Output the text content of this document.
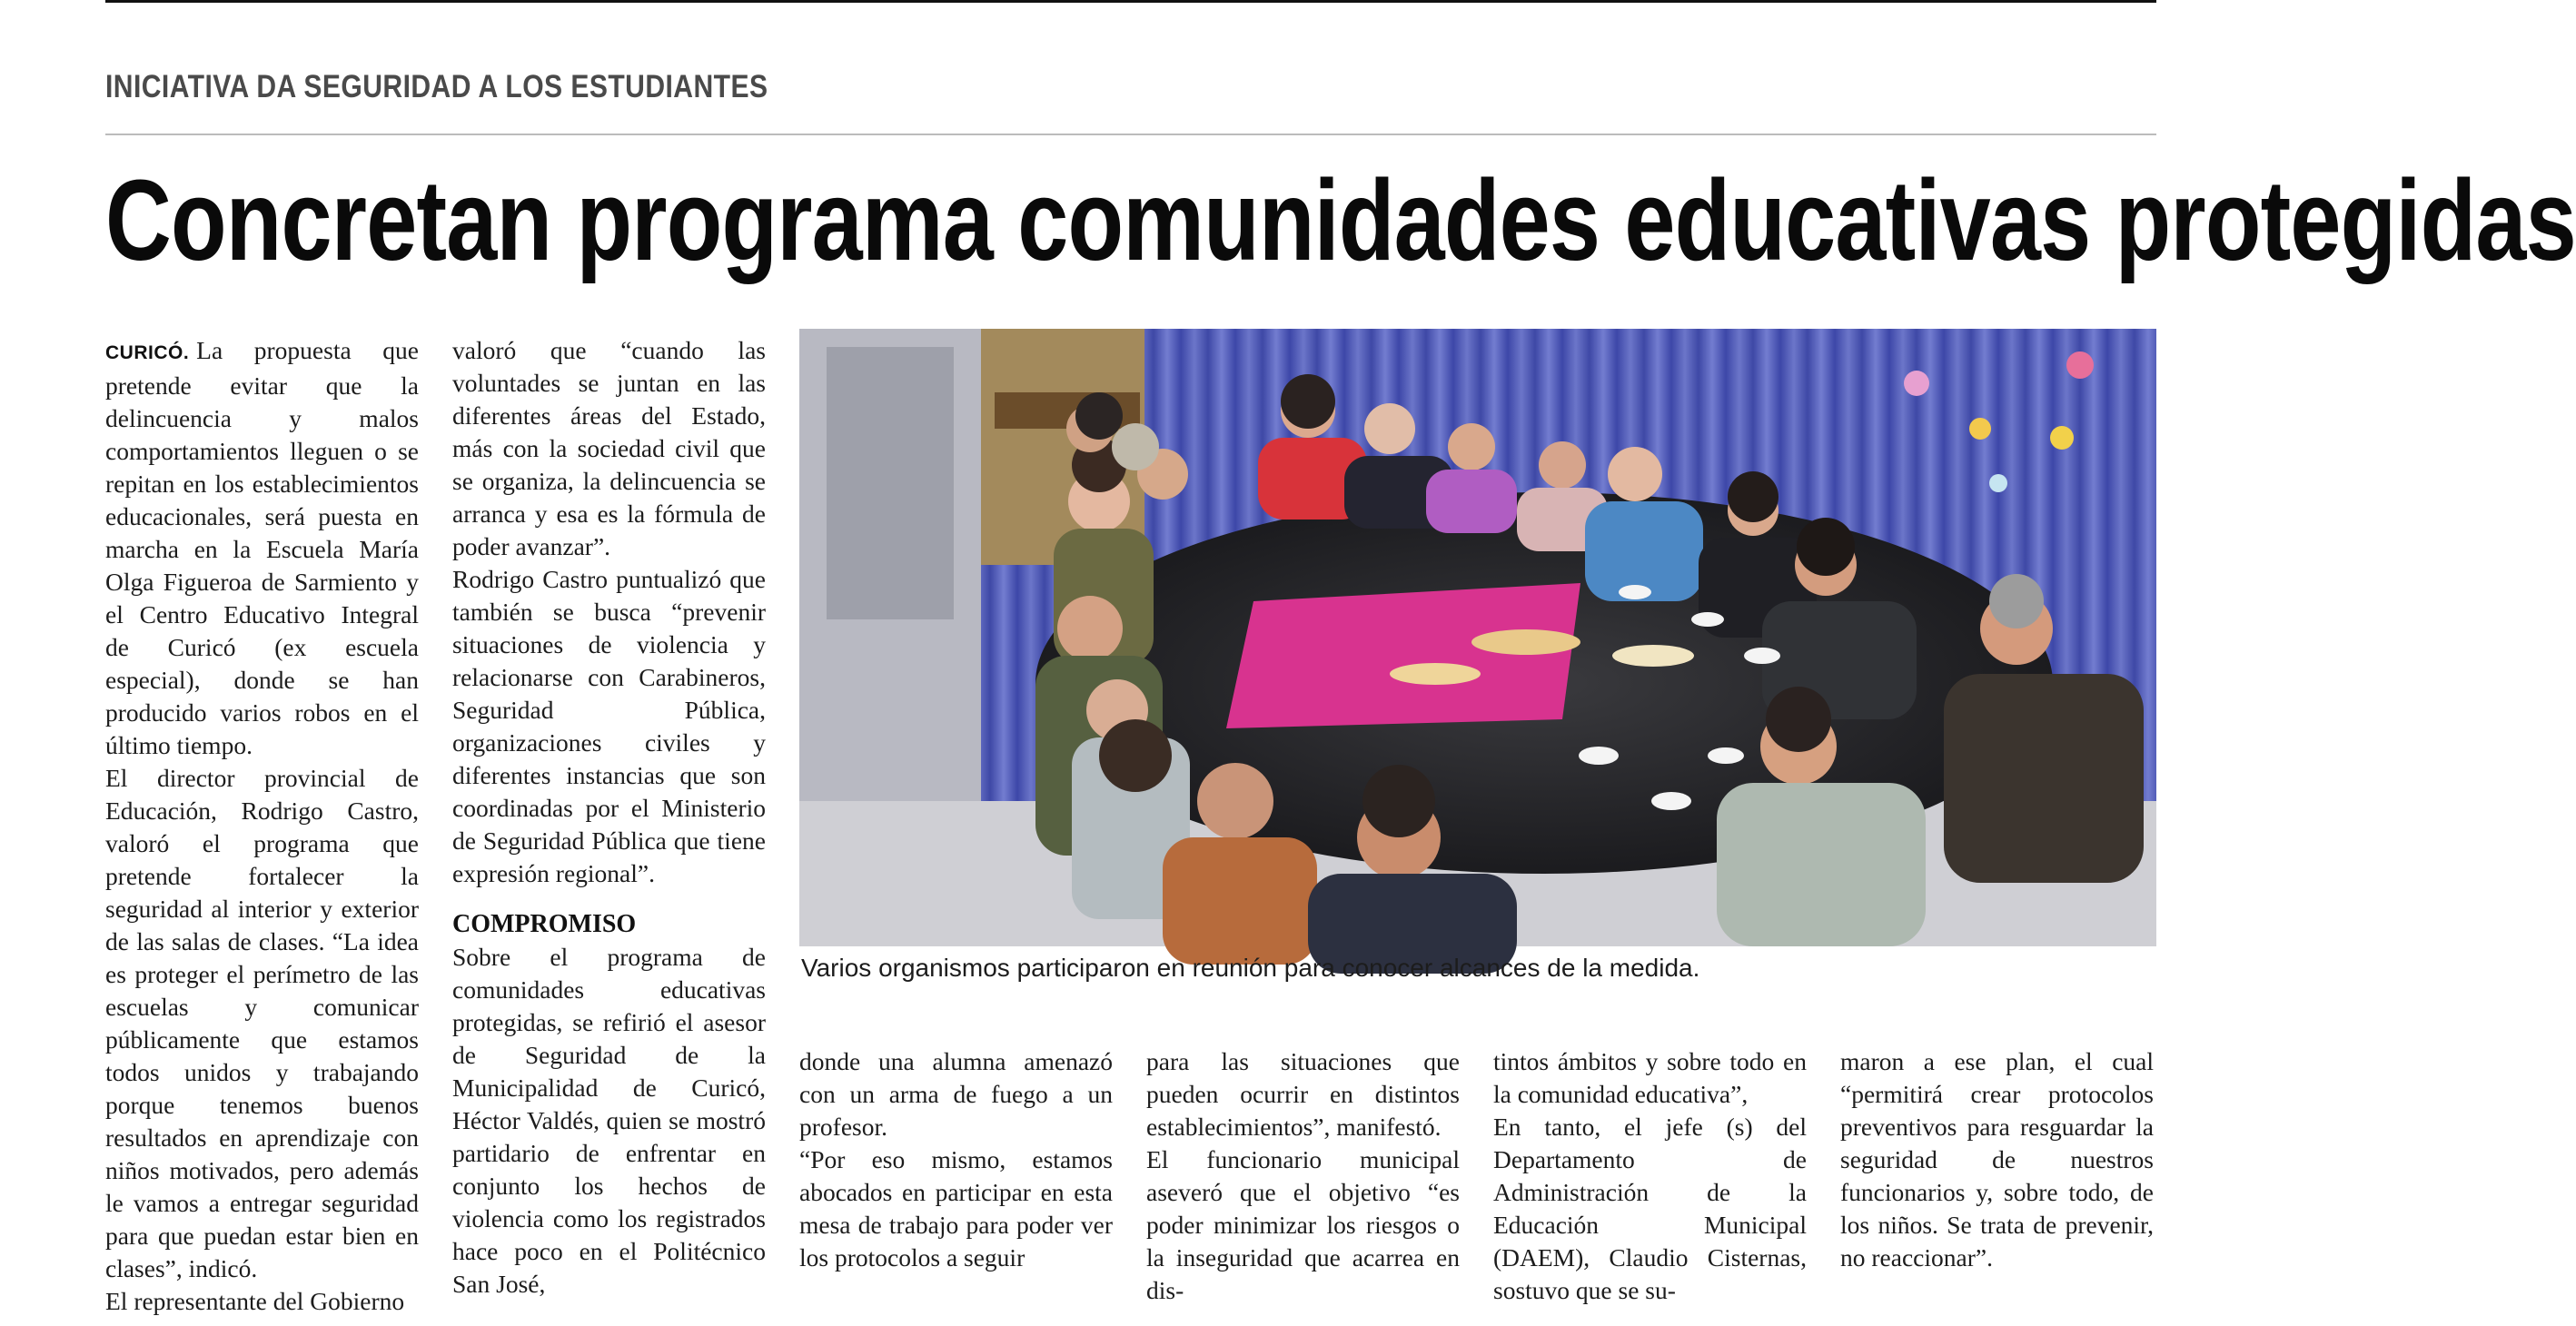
INICIATIVA DA SEGURIDAD A LOS ESTUDIANTES
Concretan programa comunidades educativas protegidas

CURICÓ. La propuesta que pretende evitar que la delincuencia y malos comportamientos lleguen o se repitan en los establecimientos educacionales, será puesta en marcha en la Escuela María Olga Figueroa de Sarmiento y el Centro Educativo Integral de Curicó (ex escuela especial), donde se han producido varios robos en el último tiempo.

El director provincial de Educación, Rodrigo Castro, valoró el programa que pretende fortalecer la seguridad al interior y exterior de las salas de clases. “La idea es proteger el perímetro de las escuelas y comunicar públicamente que estamos todos unidos y trabajando porque tenemos buenos resultados en aprendizaje con niños motivados, pero además le vamos a entregar seguridad para que puedan estar bien en clases”, indicó.

El representante del Gobierno

valoró que “cuando las voluntades se juntan en las diferentes áreas del Estado, más con la sociedad civil que se organiza, la delincuencia se arranca y esa es la fórmula de poder avanzar”.

Rodrigo Castro puntualizó que también se busca “prevenir situaciones de violencia y relacionarse con Carabineros, Seguridad Pública, organizaciones civiles y diferentes instancias que son coordinadas por el Ministerio de Seguridad Pública que tiene expresión regional”.

COMPROMISO

Sobre el programa de comunidades educativas protegidas, se refirió el asesor de Seguridad de la Municipalidad de Curicó, Héctor Valdés, quien se mostró partidario de enfrentar en conjunto los hechos de violencia como los registrados hace poco en el Politécnico San José,

Varios organismos participaron en reunión para conocer alcances de la medida.

donde una alumna amenazó con un arma de fuego a un profesor.

“Por eso mismo, estamos abocados en participar en esta mesa de trabajo para poder ver los protocolos a seguir

para las situaciones que pueden ocurrir en distintos establecimientos”, manifestó.

El funcionario municipal aseveró que el objetivo “es poder minimizar los riesgos o la inseguridad que acarrea en dis-

tintos ámbitos y sobre todo en la comunidad educativa”,

En tanto, el jefe (s) del Departamento de Administración de la Educación Municipal (DAEM), Claudio Cisternas, sostuvo que se su-

maron a ese plan, el cual “permitirá crear protocolos preventivos para resguardar la seguridad de nuestros funcionarios y, sobre todo, de los niños. Se trata de prevenir, no reaccionar”.
